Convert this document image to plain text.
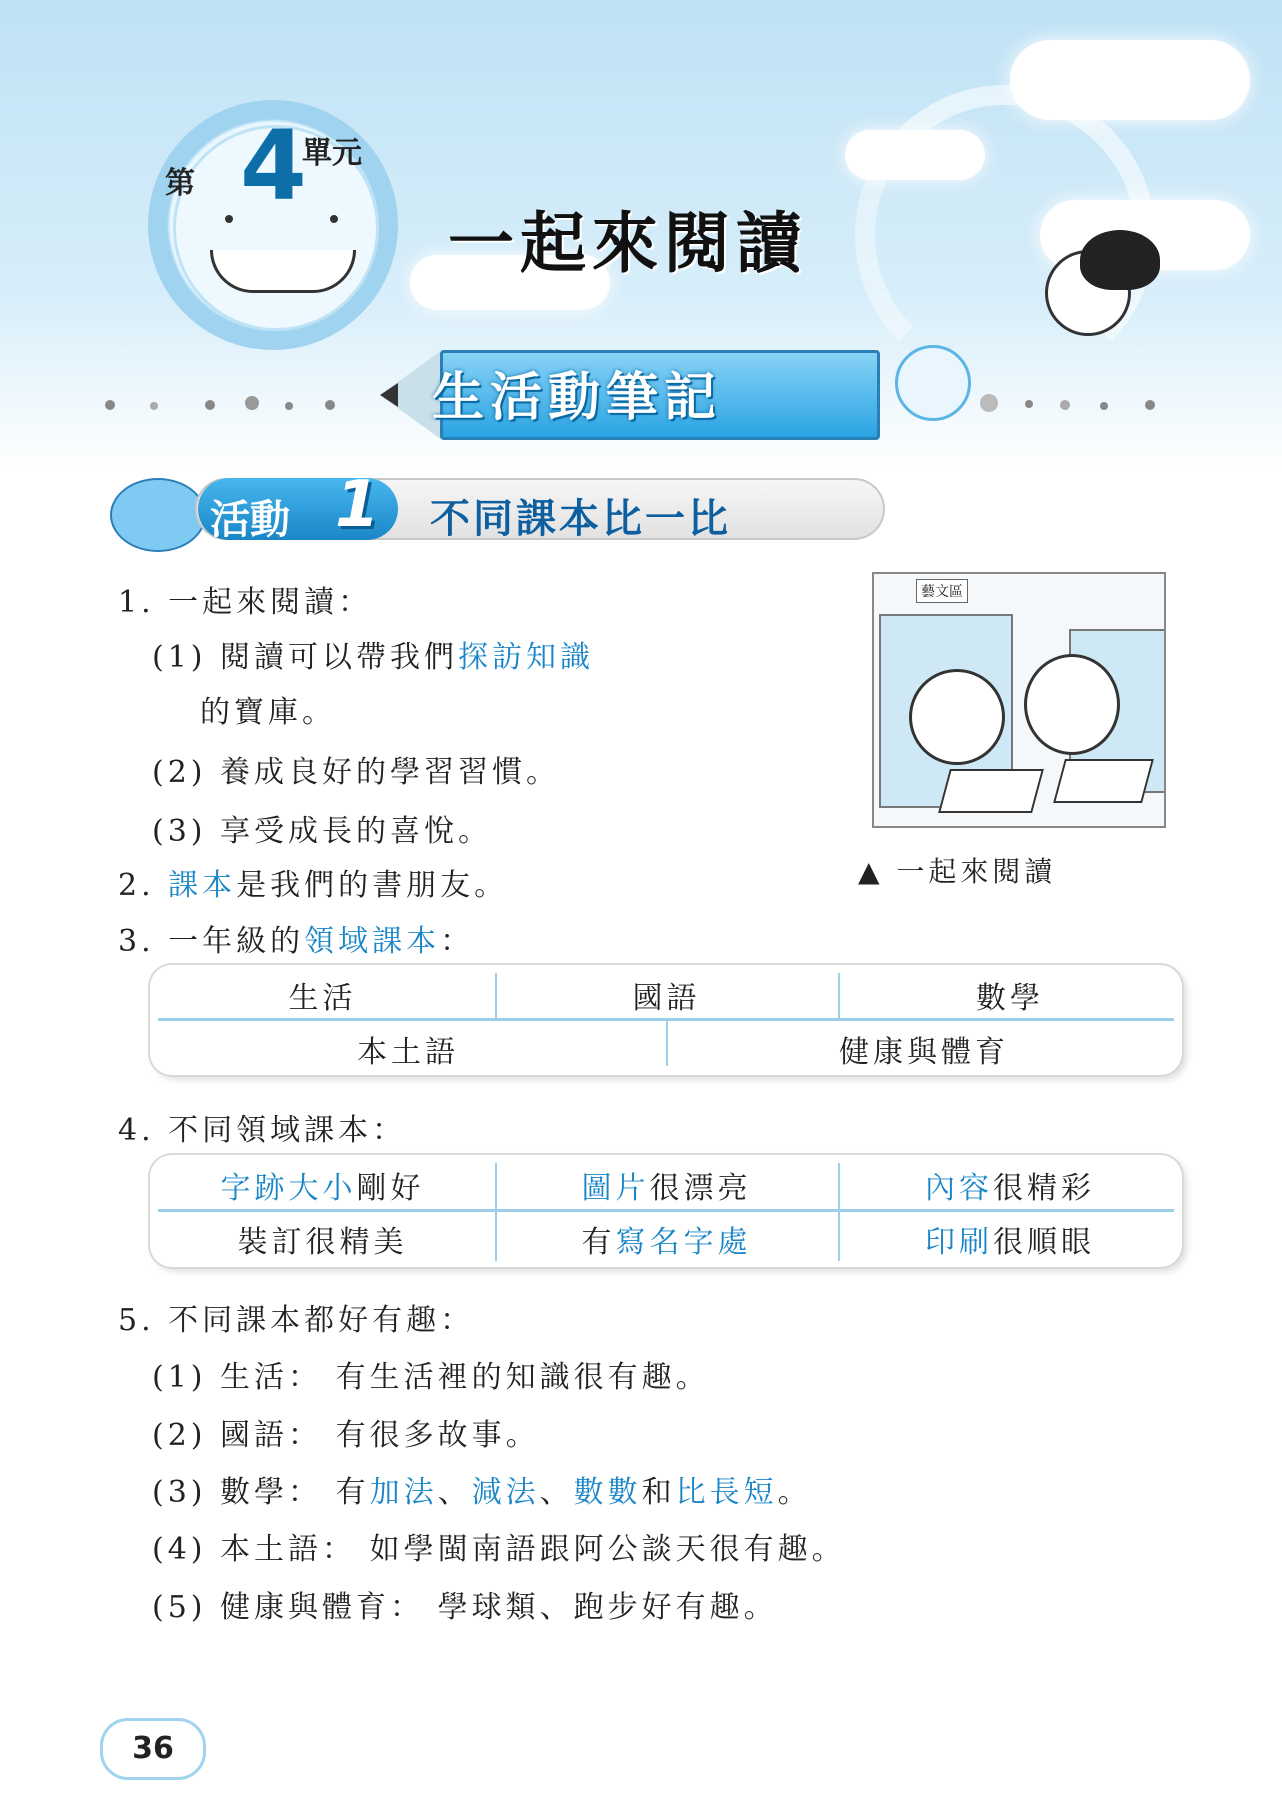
第 4
單元
一起來閱讀
生活動筆記
活動 1 不同課本比一比
1. 一起來閱讀：
(1) 閱讀可以帶我們探訪知識
的寶庫。
(2) 養成良好的學習習慣。
(3) 享受成長的喜悅。
藝文區
▲ 一起來閱讀
2. 課本是我們的書朋友。
3. 一年級的領域課本：
生活	國語	數學
本土語	健康與體育
4. 不同領域課本：
字跡大小剛好	圖片很漂亮	內容很精彩
裝訂很精美	有寫名字處	印刷很順眼
5. 不同課本都好有趣：
(1) 生活： 有生活裡的知識很有趣。
(2) 國語： 有很多故事。
(3) 數學： 有加法、減法、數數和比長短。
(4) 本土語： 如學閩南語跟阿公談天很有趣。
(5) 健康與體育： 學球類、跑步好有趣。
36
